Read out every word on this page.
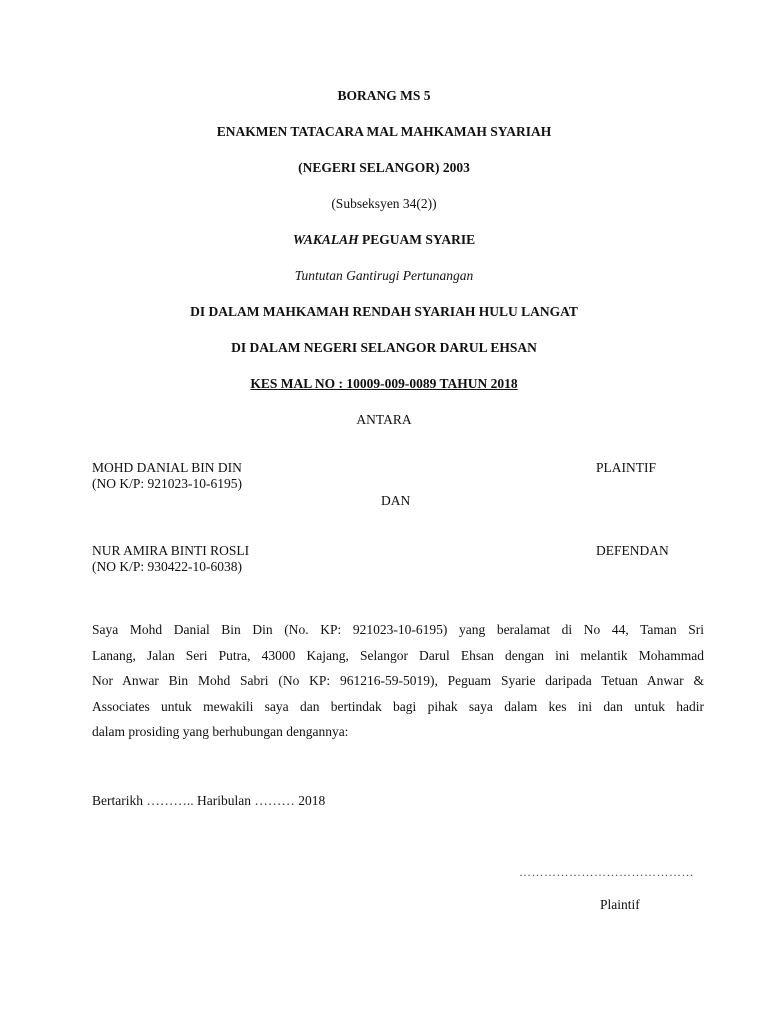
BORANG MS 5
ENAKMEN TATACARA MAL MAHKAMAH SYARIAH
(NEGERI SELANGOR) 2003
(Subseksyen 34(2))
WAKALAH PEGUAM SYARIE
Tuntutan Gantirugi Pertunangan
DI DALAM MAHKAMAH RENDAH SYARIAH HULU LANGAT
DI DALAM NEGERI SELANGOR DARUL EHSAN
KES MAL NO : 10009-009-0089 TAHUN 2018
ANTARA
MOHD DANIAL BIN DIN
(NO K/P: 921023-10-6195)
PLAINTIF
DAN
NUR AMIRA BINTI ROSLI
(NO K/P: 930422-10-6038)
DEFENDAN
Saya Mohd Danial Bin Din (No. KP: 921023-10-6195) yang beralamat di No 44, Taman Sri
Lanang, Jalan Seri Putra, 43000 Kajang, Selangor Darul Ehsan dengan ini melantik Mohammad
Nor Anwar Bin Mohd Sabri (No KP: 961216-59-5019), Peguam Syarie daripada Tetuan Anwar &
Associates untuk mewakili saya dan bertindak bagi pihak saya dalam kes ini dan untuk hadir
dalam prosiding yang berhubungan dengannya:
Bertarikh ……….. Haribulan ……… 2018
……………………………………
Plaintif
